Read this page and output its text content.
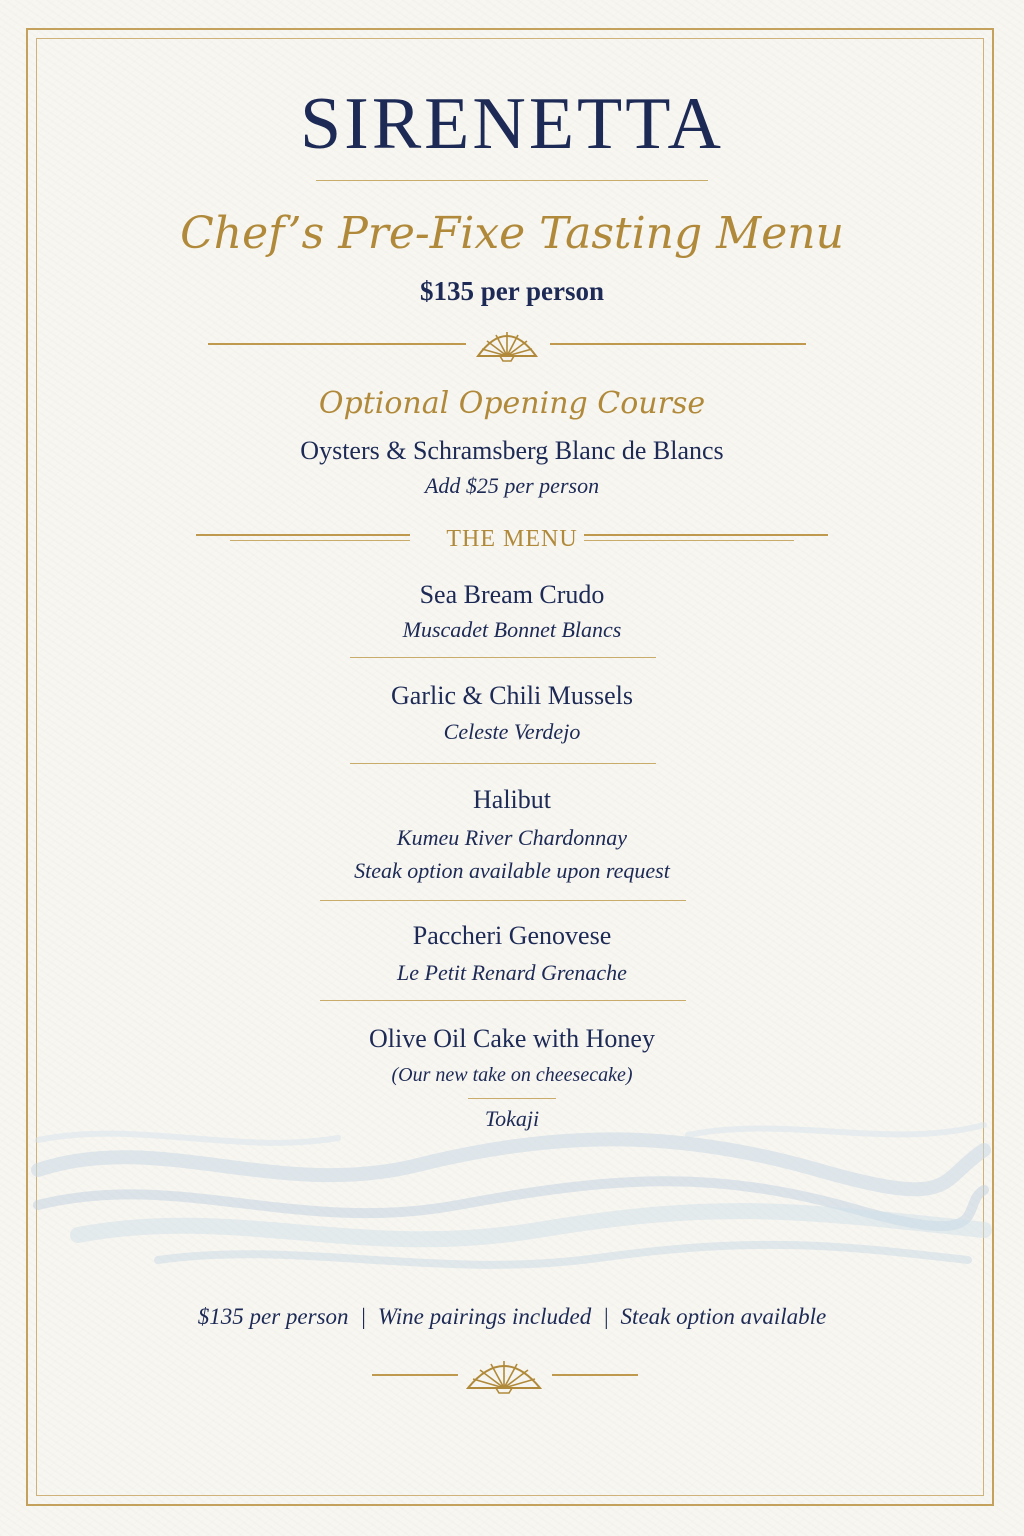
SIRENETTA
Chef’s Pre-Fixe Tasting Menu
$135 per person
Optional Opening Course
Oysters & Schramsberg Blanc de Blancs
Add $25 per person
THE MENU
Sea Bream Crudo
Muscadet Bonnet Blancs
Garlic & Chili Mussels
Celeste Verdejo
Halibut
Kumeu River Chardonnay
Steak option available upon request
Paccheri Genovese
Le Petit Renard Grenache
Olive Oil Cake with Honey
(Our new take on cheesecake)
Tokaji
$135 per person  |  Wine pairings included  |  Steak option available
